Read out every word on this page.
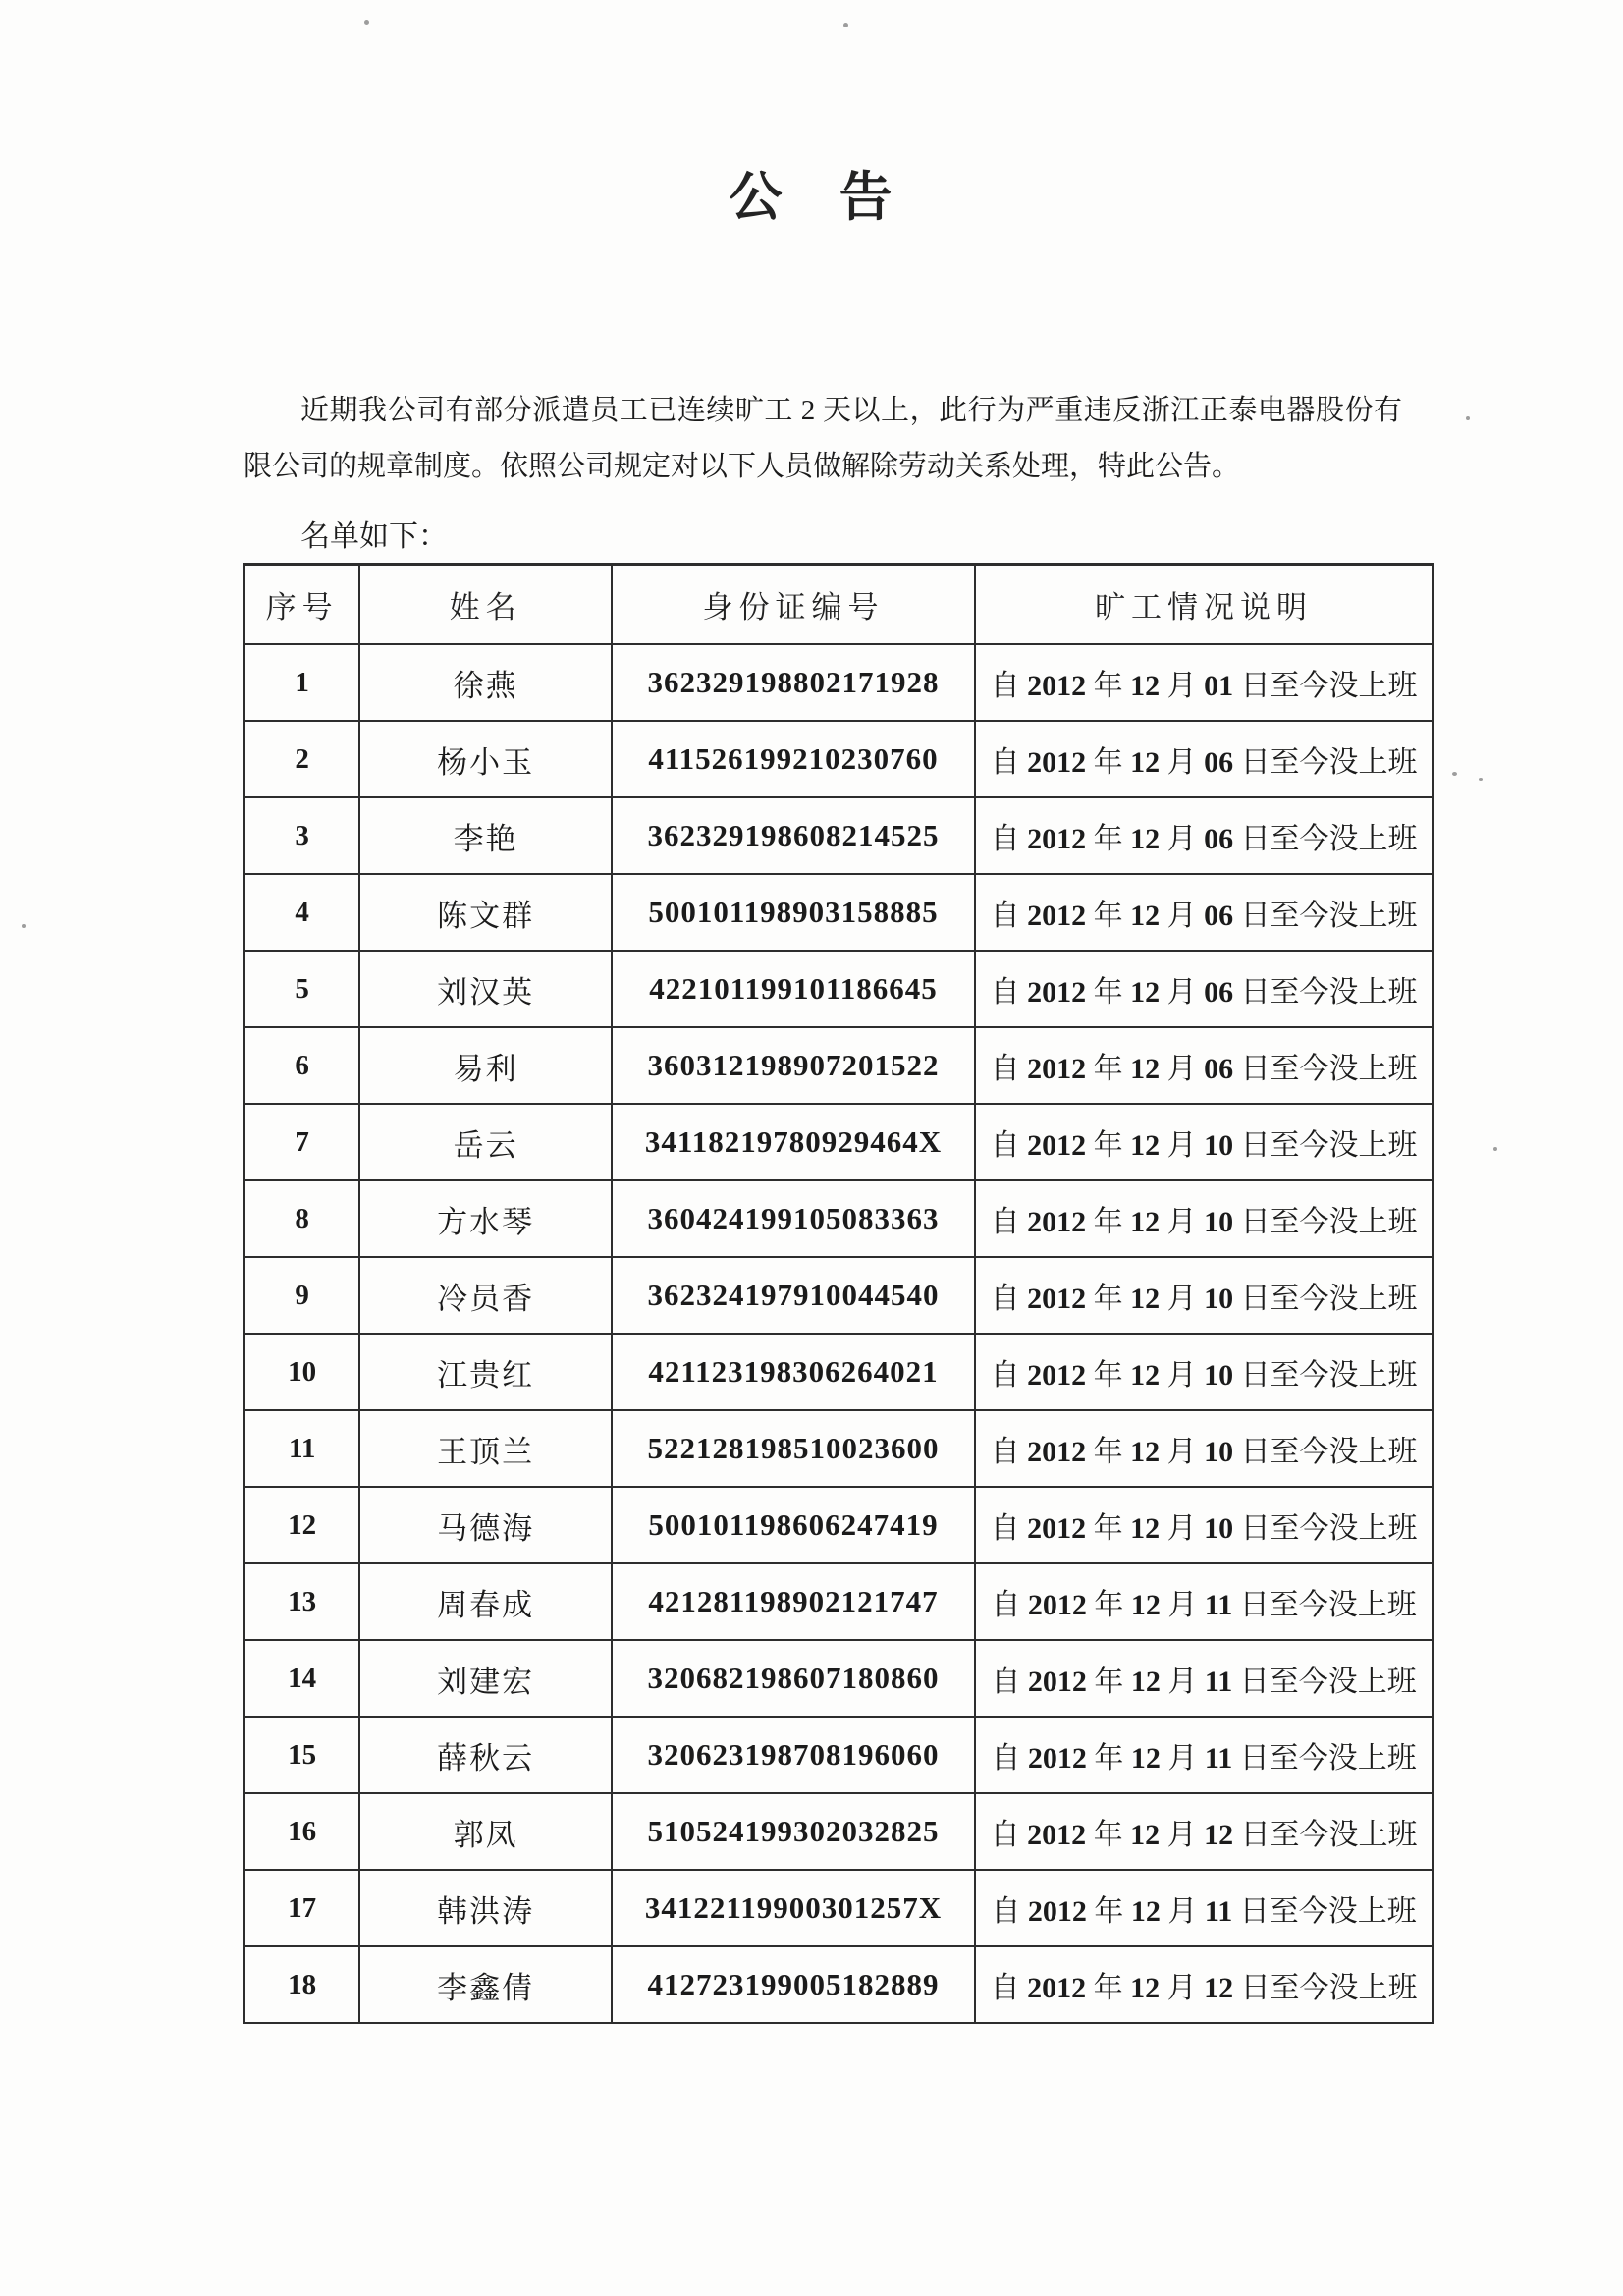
公　告
近期我公司有部分派遣员工已连续旷工 2 天以上，此行为严重违反浙江正泰电器股份有限公司的规章制度。依照公司规定对以下人员做解除劳动关系处理，特此公告。
名单如下：
序号	姓名	身份证编号	旷工情况说明
1	徐燕	362329198802171928	自 2012 年 12 月 01 日至今没上班
2	杨小玉	411526199210230760	自 2012 年 12 月 06 日至今没上班
3	李艳	362329198608214525	自 2012 年 12 月 06 日至今没上班
4	陈文群	500101198903158885	自 2012 年 12 月 06 日至今没上班
5	刘汉英	422101199101186645	自 2012 年 12 月 06 日至今没上班
6	易利	360312198907201522	自 2012 年 12 月 06 日至今没上班
7	岳云	34118219780929464X	自 2012 年 12 月 10 日至今没上班
8	方水琴	360424199105083363	自 2012 年 12 月 10 日至今没上班
9	冷员香	362324197910044540	自 2012 年 12 月 10 日至今没上班
10	江贵红	421123198306264021	自 2012 年 12 月 10 日至今没上班
11	王顶兰	522128198510023600	自 2012 年 12 月 10 日至今没上班
12	马德海	500101198606247419	自 2012 年 12 月 10 日至今没上班
13	周春成	421281198902121747	自 2012 年 12 月 11 日至今没上班
14	刘建宏	320682198607180860	自 2012 年 12 月 11 日至今没上班
15	薛秋云	320623198708196060	自 2012 年 12 月 11 日至今没上班
16	郭凤	510524199302032825	自 2012 年 12 月 12 日至今没上班
17	韩洪涛	34122119900301257X	自 2012 年 12 月 11 日至今没上班
18	李鑫倩	412723199005182889	自 2012 年 12 月 12 日至今没上班
